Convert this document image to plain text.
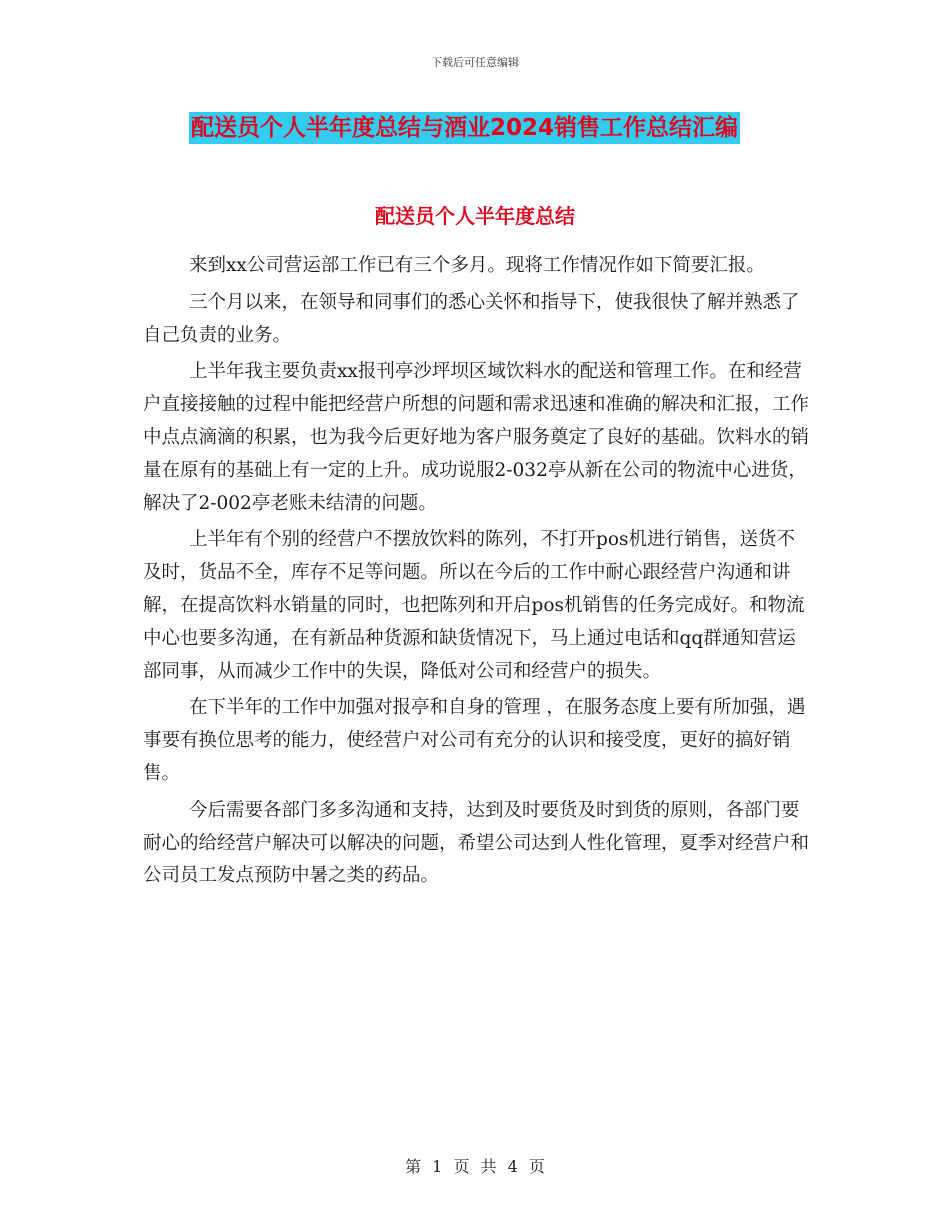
下载后可任意编辑
配送员个人半年度总结与酒业2024销售工作总结汇编
配送员个人半年度总结

来到xx公司营运部工作已有三个多月。现将工作情况作如下简要汇报。

三个月以来，在领导和同事们的悉心关怀和指导下，使我很快了解并熟悉了自己负责的业务。

上半年我主要负责xx报刊亭沙坪坝区域饮料水的配送和管理工作。在和经营户直接接触的过程中能把经营户所想的问题和需求迅速和准确的解决和汇报，工作中点点滴滴的积累，也为我今后更好地为客户服务奠定了良好的基础。饮料水的销量在原有的基础上有一定的上升。成功说服2-032亭从新在公司的物流中心进货，解决了2-002亭老账未结清的问题。

上半年有个别的经营户不摆放饮料的陈列，不打开pos机进行销售，送货不及时，货品不全，库存不足等问题。所以在今后的工作中耐心跟经营户沟通和讲解，在提高饮料水销量的同时，也把陈列和开启pos机销售的任务完成好。和物流中心也要多沟通，在有新品种货源和缺货情况下，马上通过电话和qq群通知营运部同事，从而减少工作中的失误，降低对公司和经营户的损失。

在下半年的工作中加强对报亭和自身的管理 ，在服务态度上要有所加强，遇事要有换位思考的能力，使经营户对公司有充分的认识和接受度，更好的搞好销售。

今后需要各部门多多沟通和支持，达到及时要货及时到货的原则，各部门要耐心的给经营户解决可以解决的问题，希望公司达到人性化管理，夏季对经营户和公司员工发点预防中暑之类的药品。

第 1 页 共 4 页
